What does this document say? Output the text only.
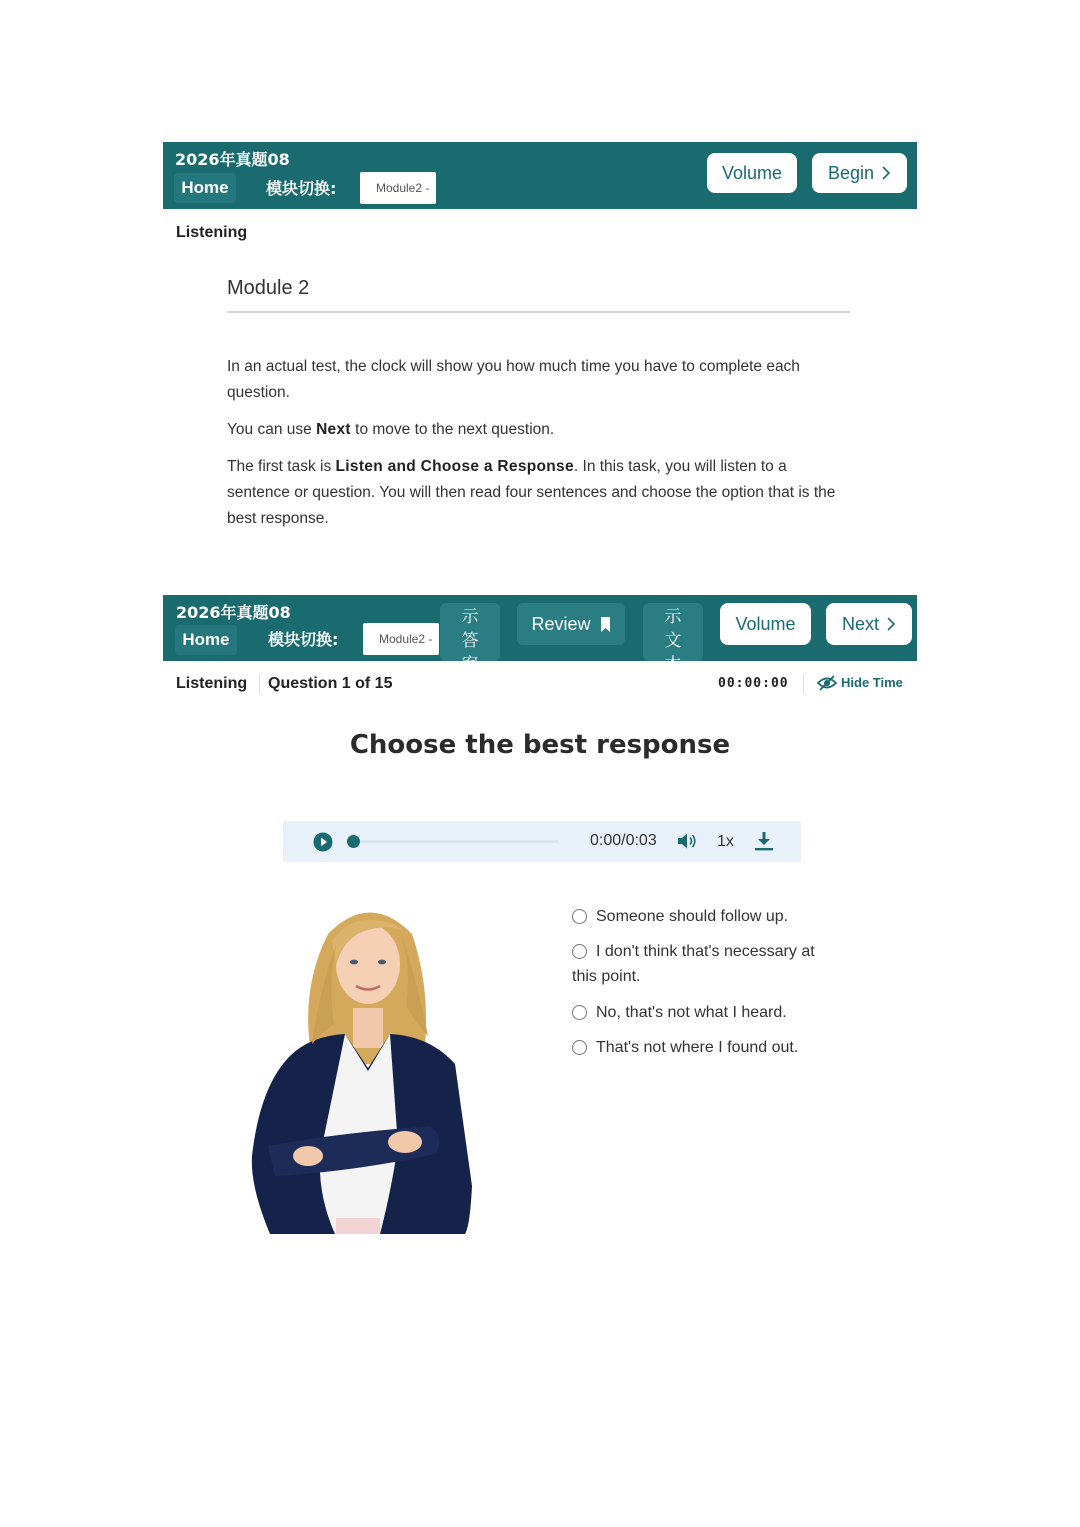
2026年真题08
Home	模块切换:	Module2 -
Volume	Begin
Listening
Module 2
In an actual test, the clock will show you how much time you have to complete each question.
You can use Next to move to the next question.
The first task is Listen and Choose a Response. In this task, you will listen to a sentence or question. You will then read four sentences and choose the option that is the best response.
2026年真题08
Home	模块切换:	Module2 -
示答案
Review	示文本
Volume	Next
Listening Question 1 of 15	00:00:00	Hide Time
Choose the best response
0:00/0:03	1x
Someone should follow up.
I don't think that's necessary at this point.
No, that's not what I heard.
That's not where I found out.
